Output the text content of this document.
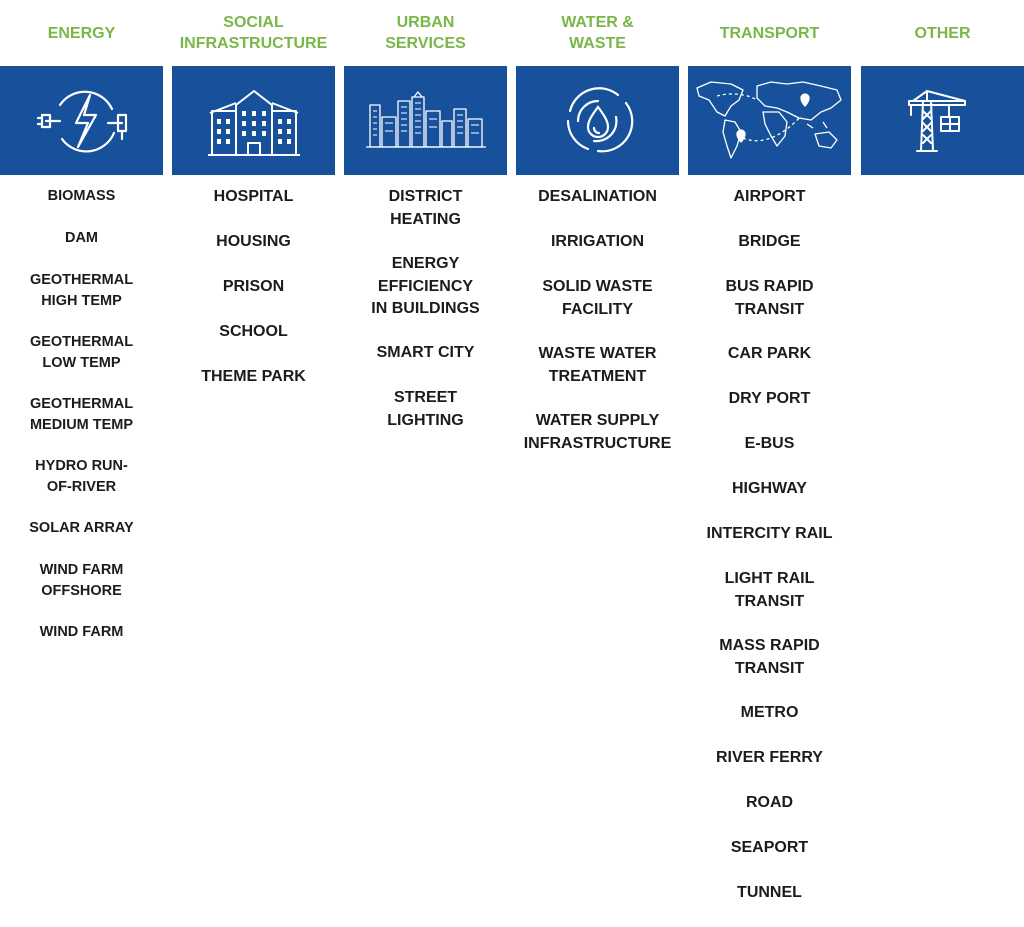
ENERGY
BIOMASS
DAM
GEOTHERMAL
HIGH TEMP
GEOTHERMAL
LOW TEMP
GEOTHERMAL
MEDIUM TEMP
HYDRO RUN-
OF-RIVER
SOLAR ARRAY
WIND FARM
OFFSHORE
WIND FARM
SOCIAL
INFRASTRUCTURE
HOSPITAL
HOUSING
PRISON
SCHOOL
THEME PARK
URBAN
SERVICES
DISTRICT
HEATING
ENERGY
EFFICIENCY
IN BUILDINGS
SMART CITY
STREET
LIGHTING
WATER &
WASTE
DESALINATION
IRRIGATION
SOLID WASTE
FACILITY
WASTE WATER
TREATMENT
WATER SUPPLY
INFRASTRUCTURE
TRANSPORT
AIRPORT
BRIDGE
BUS RAPID
TRANSIT
CAR PARK
DRY PORT
E-BUS
HIGHWAY
INTERCITY RAIL
LIGHT RAIL
TRANSIT
MASS RAPID
TRANSIT
METRO
RIVER FERRY
ROAD
SEAPORT
TUNNEL
OTHER
